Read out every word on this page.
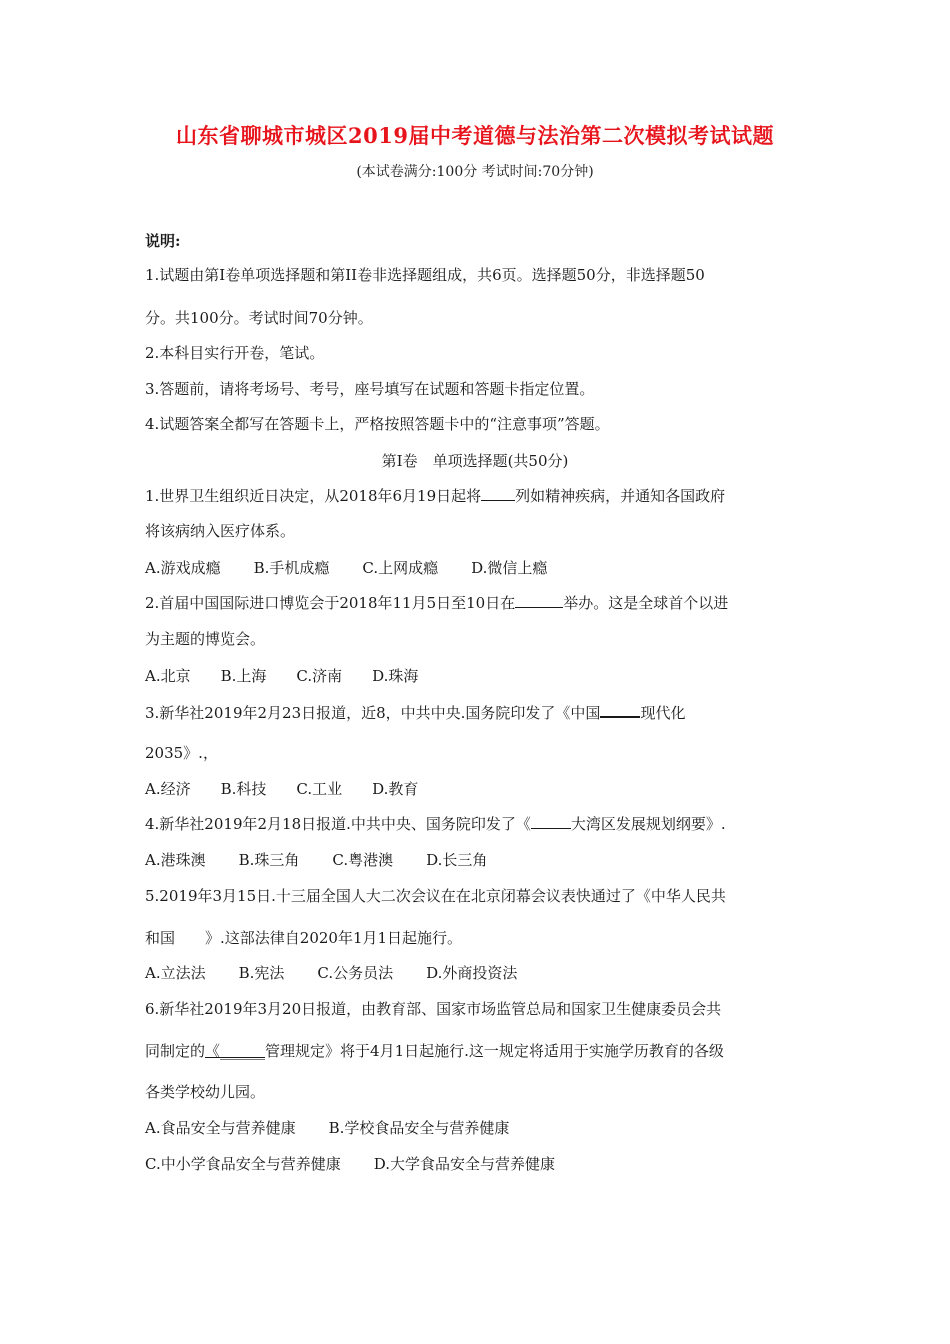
山东省聊城市城区2019届中考道德与法治第二次模拟考试试题
(本试卷满分:100分 考试时间:70分钟)
说明:
1.试题由第Ⅰ卷单项选择题和第II卷非选择题组成，共6页。选择题50分，非选择题50
分。共100分。考试时间70分钟。
2.本科目实行开卷，笔试。
3.答题前，请将考场号、考号，座号填写在试题和答题卡指定位置。
4.试题答案全都写在答题卡上，严格按照答题卡中的“注意事项”答题。
第Ⅰ卷　单项选择题(共50分)
1.世界卫生组织近日决定，从2018年6月19日起将 列如精神疾病，并通知各国政府
将该病纳入医疗体系。
A.游戏成瘾 B.手机成瘾 C.上网成瘾 D.微信上瘾
2.首届中国国际进口博览会于2018年11月5日至10日在	举办。这是全球首个以进
为主题的博览会。
A.北京 B.上海 C.济南 D.珠海
3.新华社2019年2月23日报道，近8，中共中央.国务院印发了《中国	现代化
2035》.，
A.经济 B.科技 C.工业 D.教育
4.新华社2019年2月18日报道.中共中央、国务院印发了《	大湾区发展规划纲要》.
A.港珠澳 B.珠三角 C.粤港澳 D.长三角
5.2019年3月15日.十三届全国人大二次会议在在北京闭幕会议表快通过了《中华人民共
和国　　》.这部法律自2020年1月1日起施行。
A.立法法 B.宪法 C.公务员法 D.外商投资法
6.新华社2019年3月20日报道，由教育部、国家市场监管总局和国家卫生健康委员会共
同制定的《______管理规定》将于4月1日起施行.这一规定将适用于实施学历教育的各级
各类学校幼儿园。
A.食品安全与营养健康 B.学校食品安全与营养健康
C.中小学食品安全与营养健康 D.大学食品安全与营养健康
